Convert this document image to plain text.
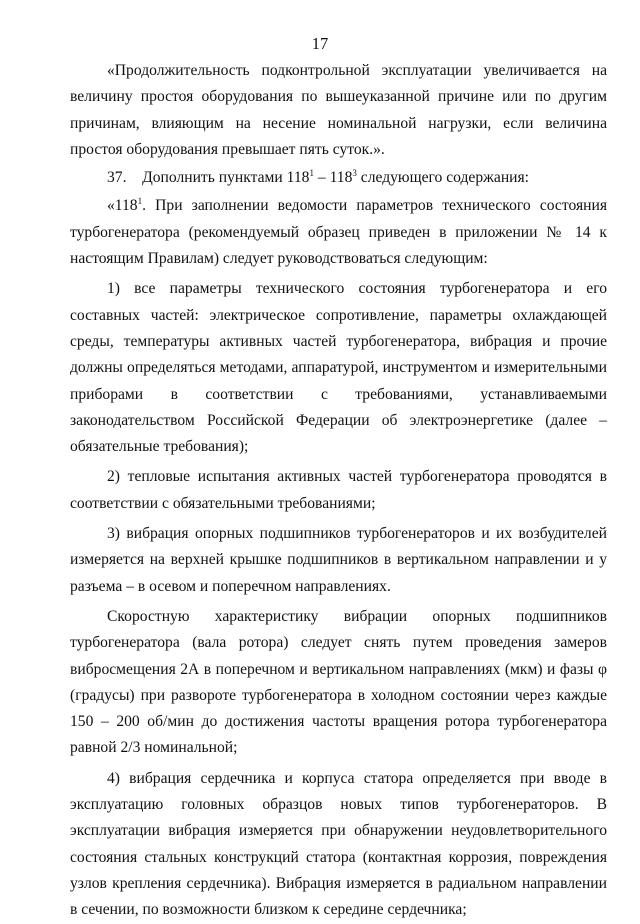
17

«Продолжительность подконтрольной эксплуатации увеличивается на величину простоя оборудования по вышеуказанной причине или по другим причинам, влияющим на несение номинальной нагрузки, если величина простоя оборудования превышает пять суток.».

37. Дополнить пунктами $118^1 - 118^3$ следующего содержания:

«$118^1$. При заполнении ведомости параметров технического состояния турбогенератора (рекомендуемый образец приведен в приложении № 14 к настоящим Правилам) следует руководствоваться следующим:

1) все параметры технического состояния турбогенератора и его составных частей: электрическое сопротивление, параметры охлаждающей среды, температуры активных частей турбогенератора, вибрация и прочие должны определяться методами, аппаратурой, инструментом и измерительными приборами в соответствии с требованиями, устанавливаемыми законодательством Российской Федерации об электроэнергетике (далее – обязательные требования);

2) тепловые испытания активных частей турбогенератора проводятся в соответствии с обязательными требованиями;

3) вибрация опорных подшипников турбогенераторов и их возбудителей измеряется на верхней крышке подшипников в вертикальном направлении и у разъема – в осевом и поперечном направлениях.

Скоростную характеристику вибрации опорных подшипников турбогенератора (вала ротора) следует снять путем проведения замеров виброcмещения 2А в поперечном и вертикальном направлениях (мкм) и фазы φ (градусы) при развороте турбогенератора в холодном состоянии через каждые 150 – 200 об/мин до достижения частоты вращения ротора турбогенератора равной 2/3 номинальной;

4) вибрация сердечника и корпуса статора определяется при вводе в эксплуатацию головных образцов новых типов турбогенераторов. В эксплуатации вибрация измеряется при обнаружении неудовлетворительного состояния стальных конструкций статора (контактная коррозия, повреждения узлов крепления сердечника). Вибрация измеряется в радиальном направлении в сечении, по возможности близком к середине сердечника;
